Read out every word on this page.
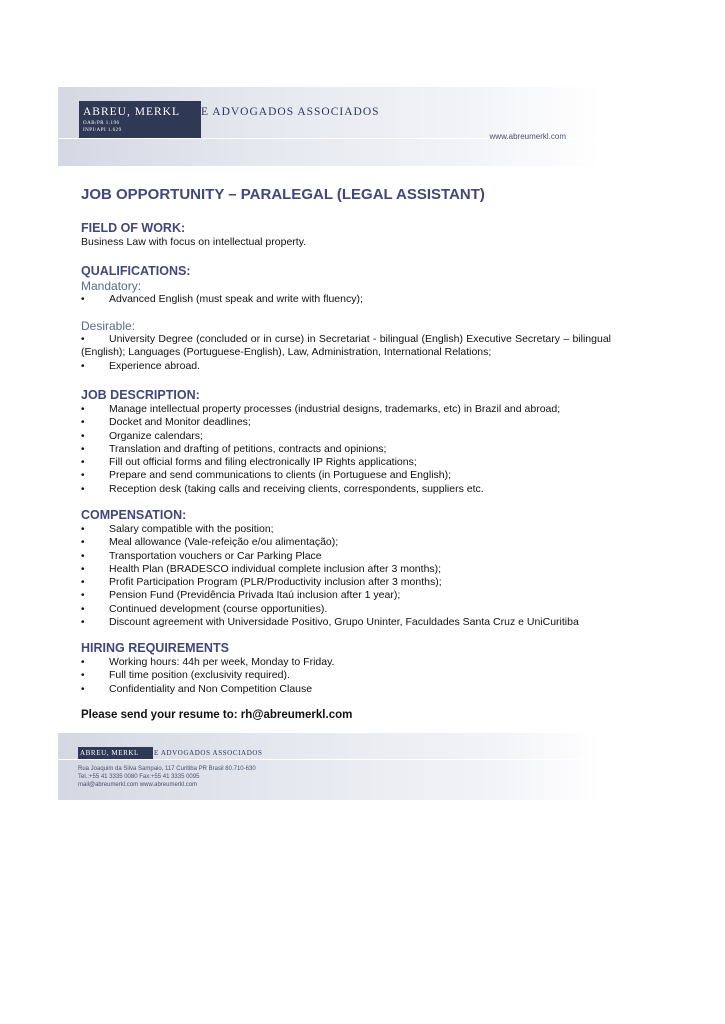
ABREU, MERKL
OAB/PR 1.196
INPI/API 1.629
E ADVOGADOS ASSOCIADOS
www.abreumerkl.com
JOB OPPORTUNITY – PARALEGAL (LEGAL ASSISTANT)
FIELD OF WORK:
Business Law with focus on intellectual property.
QUALIFICATIONS:
Mandatory:
• Advanced English (must speak and write with fluency);
Desirable:
• University Degree (concluded or in curse) in Secretariat - bilingual (English) Executive Secretary – bilingual (English); Languages (Portuguese-English), Law, Administration, International Relations;
• Experience abroad.
JOB DESCRIPTION:
• Manage intellectual property processes (industrial designs, trademarks, etc) in Brazil and abroad;
• Docket and Monitor deadlines;
• Organize calendars;
• Translation and drafting of petitions, contracts and opinions;
• Fill out official forms and filing electronically IP Rights applications;
• Prepare and send communications to clients (in Portuguese and English);
• Reception desk (taking calls and receiving clients, correspondents, suppliers etc.
COMPENSATION:
• Salary compatible with the position;
• Meal allowance (Vale-refeição e/ou alimentação);
• Transportation vouchers or Car Parking Place
• Health Plan (BRADESCO individual complete inclusion after 3 months);
• Profit Participation Program (PLR/Productivity inclusion after 3 months);
• Pension Fund (Previdência Privada Itaú inclusion after 1 year);
• Continued development (course opportunities).
• Discount agreement with Universidade Positivo, Grupo Uninter, Faculdades Santa Cruz e UniCuritiba
HIRING REQUIREMENTS
• Working hours: 44h per week, Monday to Friday.
• Full time position (exclusivity required).
• Confidentiality and Non Competition Clause
Please send your resume to: rh@abreumerkl.com
ABREU, MERKL	E ADVOGADOS ASSOCIADOS
Rua Joaquim da Silva Sampaio, 117 Curitiba PR Brasil 80.710-630
Tel.:+55 41 3335 0080 Fax:+55 41 3335 0095
mail@abreumerkl.com www.abreumerkl.com
